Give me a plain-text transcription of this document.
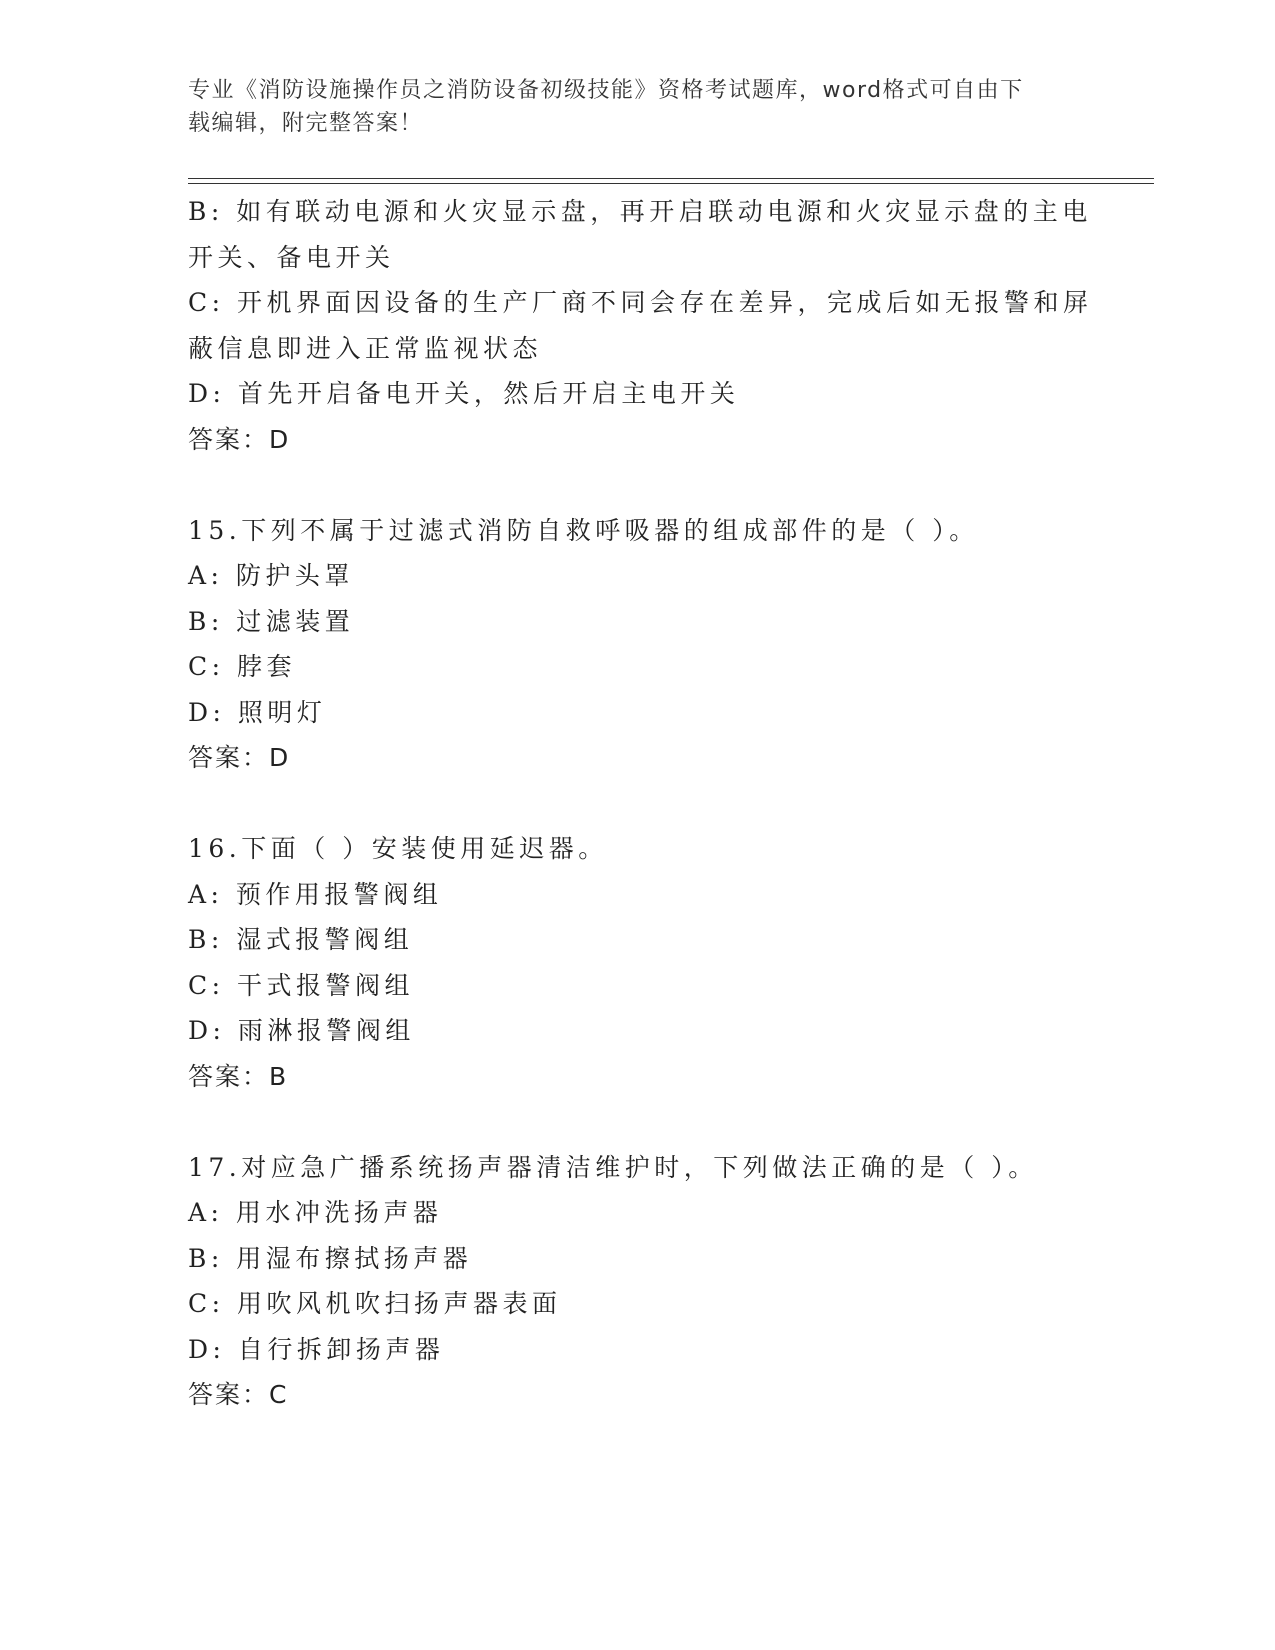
专业《消防设施操作员之消防设备初级技能》资格考试题库，word格式可自由下
载编辑，附完整答案！

B: 如有联动电源和火灾显示盘，再开启联动电源和火灾显示盘的主电

开关、备电开关

C: 开机界面因设备的生产厂商不同会存在差异，完成后如无报警和屏

蔽信息即进入正常监视状态

D: 首先开启备电开关，然后开启主电开关

答案：D

15.下列不属于过滤式消防自救呼吸器的组成部件的是（ ）。

A: 防护头罩

B: 过滤装置

C: 脖套

D: 照明灯

答案：D

16.下面（ ）安装使用延迟器。

A: 预作用报警阀组

B: 湿式报警阀组

C: 干式报警阀组

D: 雨淋报警阀组

答案：B

17.对应急广播系统扬声器清洁维护时，下列做法正确的是（ ）。

A: 用水冲洗扬声器

B: 用湿布擦拭扬声器

C: 用吹风机吹扫扬声器表面

D: 自行拆卸扬声器

答案：C
